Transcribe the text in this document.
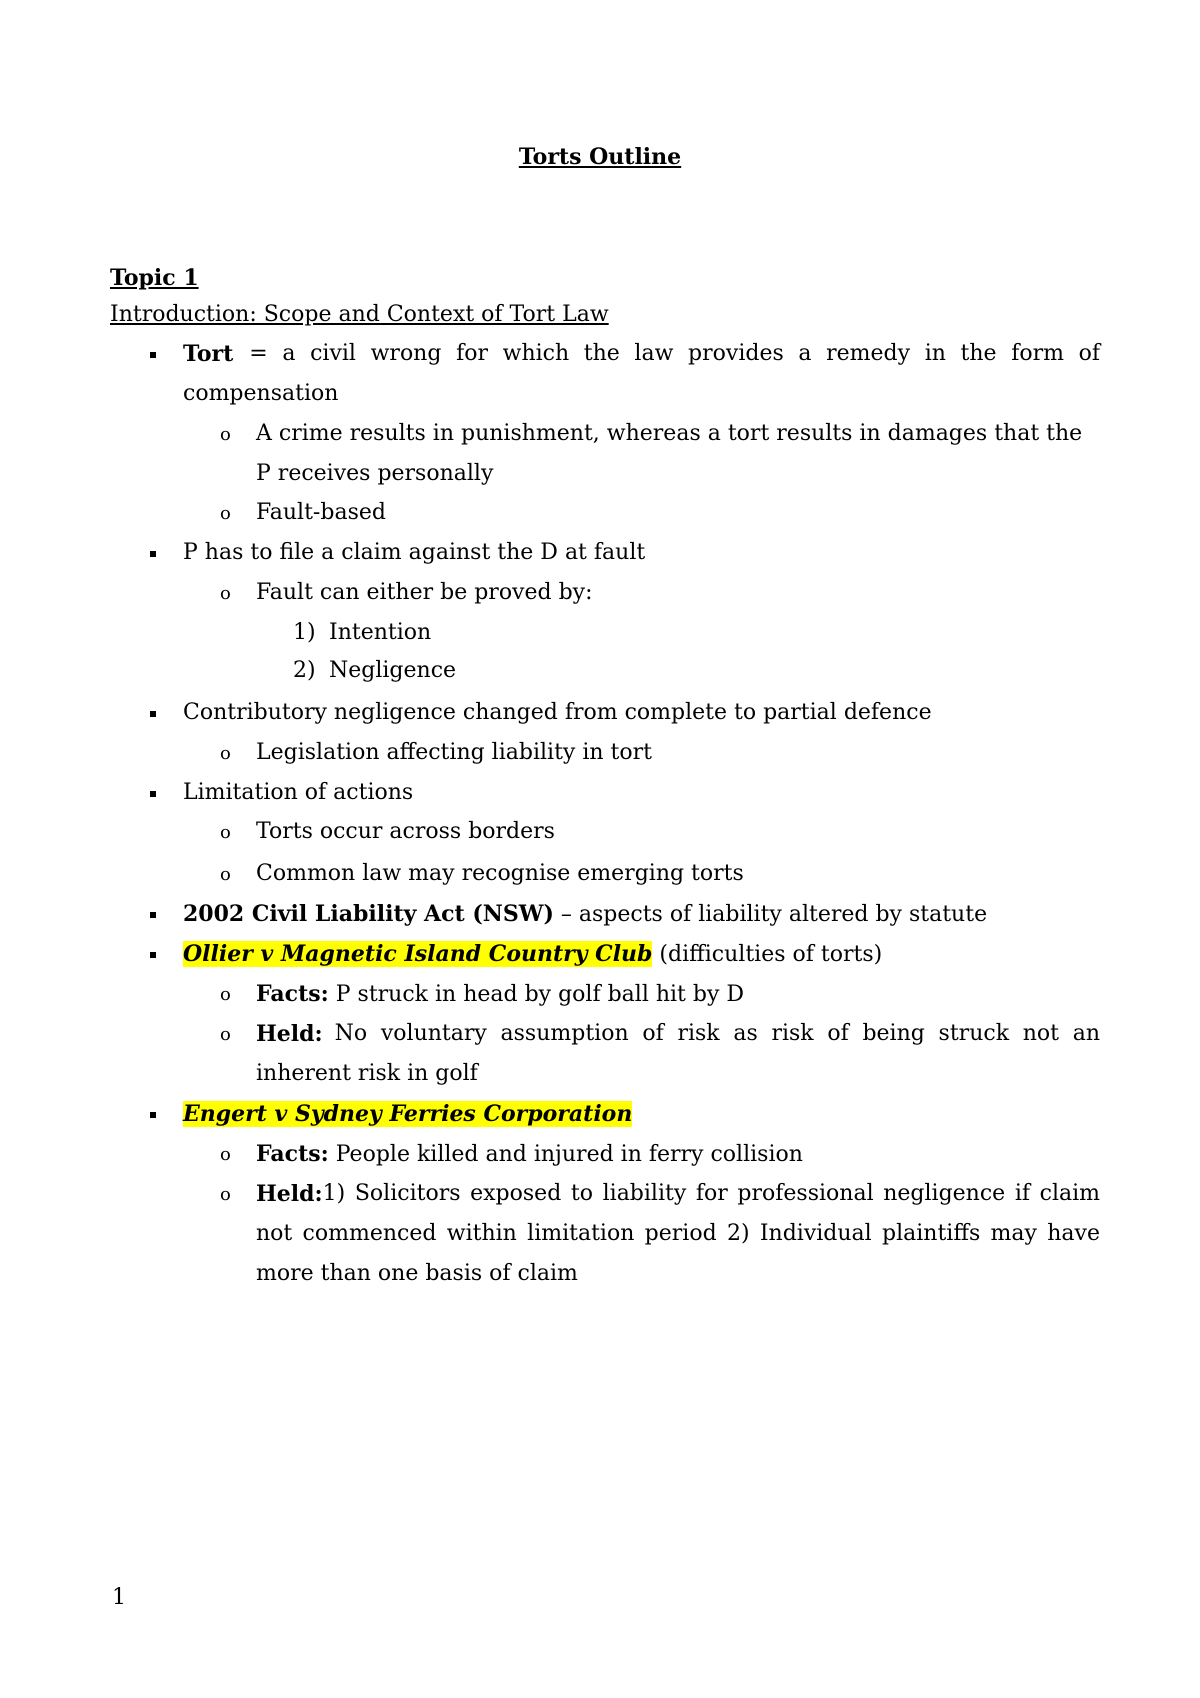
Torts Outline
Topic 1
Introduction: Scope and Context of Tort Law
Tort = a civil wrong for which the law provides a remedy in the form of
compensation
o A crime results in punishment, whereas a tort results in damages that the
P receives personally
o Fault-based
P has to file a claim against the D at fault
o Fault can either be proved by:
1) Intention
2) Negligence
Contributory negligence changed from complete to partial defence
o Legislation affecting liability in tort
Limitation of actions
o Torts occur across borders
o Common law may recognise emerging torts
2002 Civil Liability Act (NSW) – aspects of liability altered by statute
Ollier v Magnetic Island Country Club (difficulties of torts)
o Facts: P struck in head by golf ball hit by D
o Held: No voluntary assumption of risk as risk of being struck not an
inherent risk in golf
Engert v Sydney Ferries Corporation
o Facts: People killed and injured in ferry collision
o Held: 1) Solicitors exposed to liability for professional negligence if claim
not commenced within limitation period 2) Individual plaintiffs may have
more than one basis of claim
1
